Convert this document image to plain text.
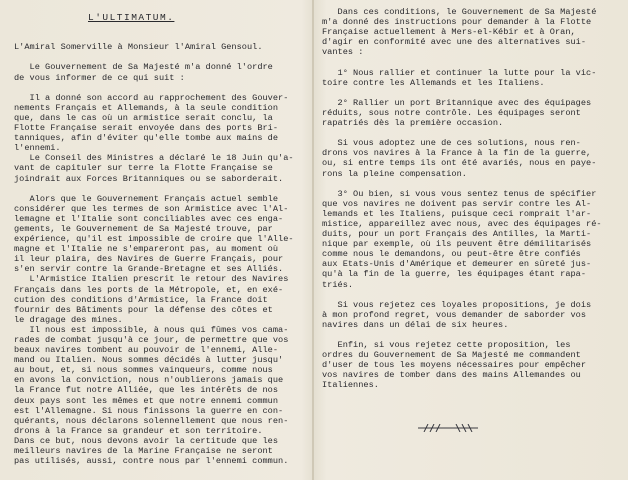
L'ULTIMATUM.
L'Amiral Somerville à Monsieur l'Amiral Gensoul.
Le Gouvernement de Sa Majesté m'a donné l'ordre
de vous informer de ce qui suit :
Il a donné son accord au rapprochement des Gouver-
nements Français et Allemands, à la seule condition
que, dans le cas où un armistice serait conclu, la
Flotte Française serait envoyée dans des ports Bri-
tanniques, afin d'éviter qu'elle tombe aux mains de
l'ennemi.
Le Conseil des Ministres a déclaré le 18 Juin qu'a-
vant de capituler sur terre la Flotte Française se
joindrait aux Forces Britanniques ou se saborderait.
Alors que le Gouvernement Français actuel semble
considérer que les termes de son Armistice avec l'Al-
lemagne et l'Italie sont conciliables avec ces enga-
gements, le Gouvernement de Sa Majesté trouve, par
expérience, qu'il est impossible de croire que l'Alle-
magne et l'Italie ne s'empareront pas, au moment où
il leur plaira, des Navires de Guerre Français, pour
s'en servir contre la Grande-Bretagne et ses Alliés.
L'Armistice Italien prescrit le retour des Navires
Français dans les ports de la Métropole, et, en exé-
cution des conditions d'Armistice, la France doit
fournir des Bâtiments pour la défense des côtes et
le dragage des mines.
Il nous est impossible, à nous qui fûmes vos cama-
rades de combat jusqu'à ce jour, de permettre que vos
beaux navires tombent au pouvoir de l'ennemi, Alle-
mand ou Italien. Nous sommes décidés à lutter jusqu'
au bout, et, si nous sommes vainqueurs, comme nous
en avons la conviction, nous n'oublierons jamais que
la France fut notre Alliée, que les intérêts de nos
deux pays sont les mêmes et que notre ennemi commun
est l'Allemagne. Si nous finissons la guerre en con-
quérants, nous déclarons solennellement que nous ren-
drons à la France sa grandeur et son territoire.
Dans ce but, nous devons avoir la certitude que les
meilleurs navires de la Marine Française ne seront
pas utilisés, aussi, contre nous par l'ennemi commun.
Dans ces conditions, le Gouvernement de Sa Majesté
m'a donné des instructions pour demander à la Flotte
Française actuellement à Mers-el-Kébir et à Oran,
d'agir en conformité avec une des alternatives sui-
vantes :
1° Nous rallier et continuer la lutte pour la vic-
toire contre les Allemands et les Italiens.
2° Rallier un port Britannique avec des équipages
réduits, sous notre contrôle. Les équipages seront
rapatriés dès la première occasion.
Si vous adoptez une de ces solutions, nous ren-
drons vos navires à la France à la fin de la guerre,
ou, si entre temps ils ont été avariés, nous en paye-
rons la pleine compensation.
3° Ou bien, si vous vous sentez tenus de spécifier
que vos navires ne doivent pas servir contre les Al-
lemands et les Italiens, puisque ceci romprait l'ar-
mistice, appareillez avec nous, avec des équipages ré-
duits, pour un port Français des Antilles, la Marti-
nique par exemple, où ils peuvent être démilitarisés
comme nous le demandons, ou peut-être être confiés
aux Etats-Unis d'Amérique et demeurer en sûreté jus-
qu'à la fin de la guerre, les équipages étant rapa-
triés.
Si vous rejetez ces loyales propositions, je dois
à mon profond regret, vous demander de saborder vos
navires dans un délai de six heures.
Enfin, si vous rejetez cette proposition, les
ordres du Gouvernement de Sa Majesté me commandent
d'user de tous les moyens nécessaires pour empêcher
vos navires de tomber dans des mains Allemandes ou
Italiennes.
